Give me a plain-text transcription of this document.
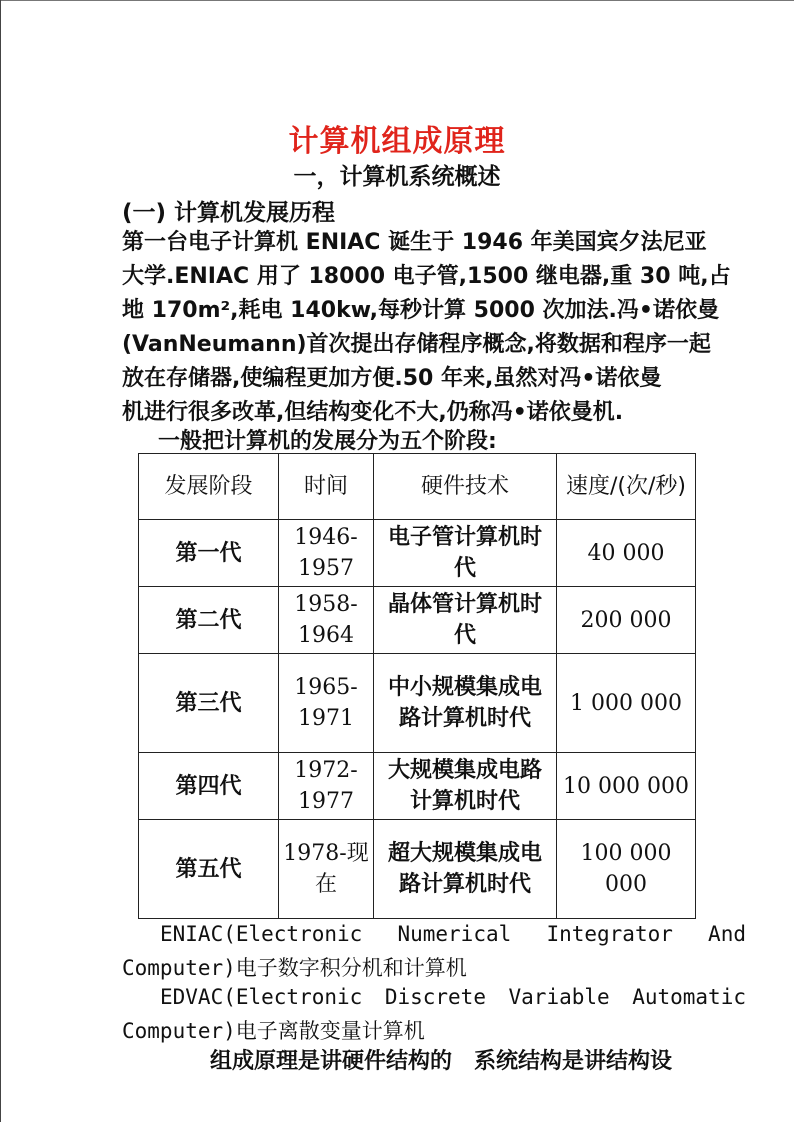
计算机组成原理
一，计算机系统概述
(一) 计算机发展历程
第一台电子计算机 ENIAC 诞生于 1946 年美国宾夕法尼亚
大学.ENIAC 用了 18000 电子管,1500 继电器,重 30 吨,占
地 170m²,耗电 140kw,每秒计算 5000 次加法.冯•诺依曼
(VanNeumann)首次提出存储程序概念,将数据和程序一起
放在存储器,使编程更加方便.50 年来,虽然对冯•诺依曼
机进行很多改革,但结构变化不大,仍称冯•诺依曼机.
一般把计算机的发展分为五个阶段:
发展阶段	时间	硬件技术	速度/(次/秒)
第一代	1946-1957	电子管计算机时代	40 000
第二代	1958-1964	晶体管计算机时代	200 000
第三代	1965-1971	中小规模集成电路计算机时代	1 000 000
第四代	1972-1977	大规模集成电路计算机时代	10 000 000
第五代	1978-现在	超大规模集成电路计算机时代	100 000 000
ENIAC(Electronic Numerical Integrator And
Computer)电子数字积分机和计算机
EDVAC(Electronic Discrete Variable Automatic
Computer)电子离散变量计算机
组成原理是讲硬件结构的　系统结构是讲结构设
